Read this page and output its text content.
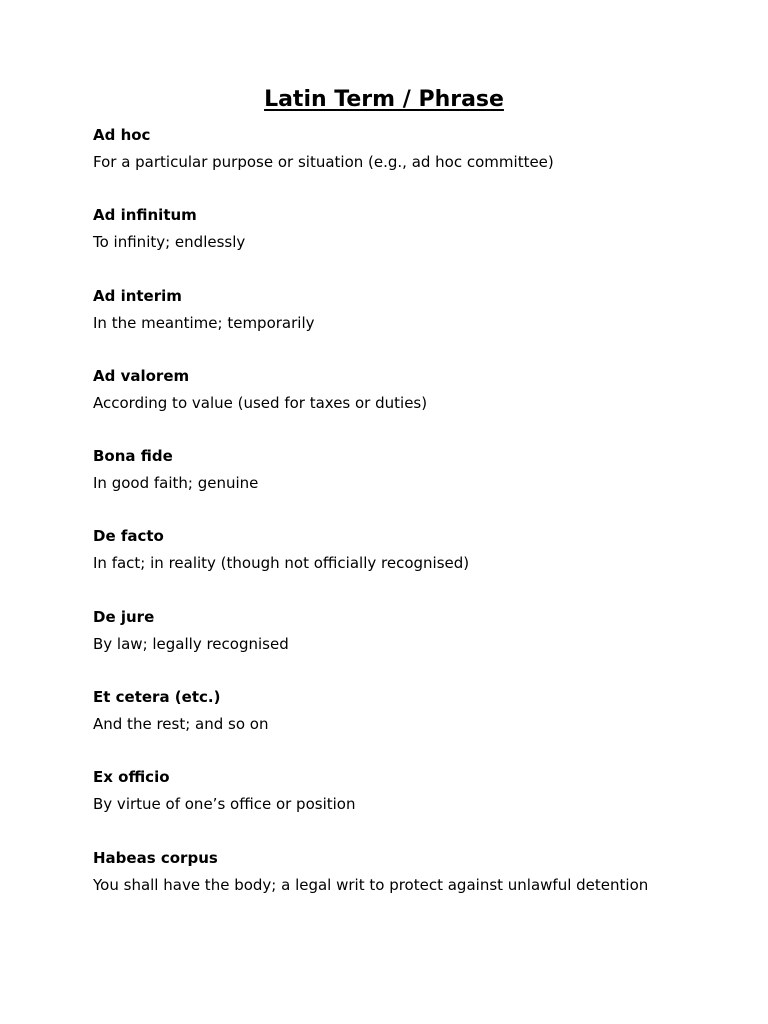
Latin Term / Phrase
Ad hoc
For a particular purpose or situation (e.g., ad hoc committee)
Ad infinitum
To infinity; endlessly
Ad interim
In the meantime; temporarily
Ad valorem
According to value (used for taxes or duties)
Bona fide
In good faith; genuine
De facto
In fact; in reality (though not officially recognised)
De jure
By law; legally recognised
Et cetera (etc.)
And the rest; and so on
Ex officio
By virtue of one’s office or position
Habeas corpus
You shall have the body; a legal writ to protect against unlawful detention
